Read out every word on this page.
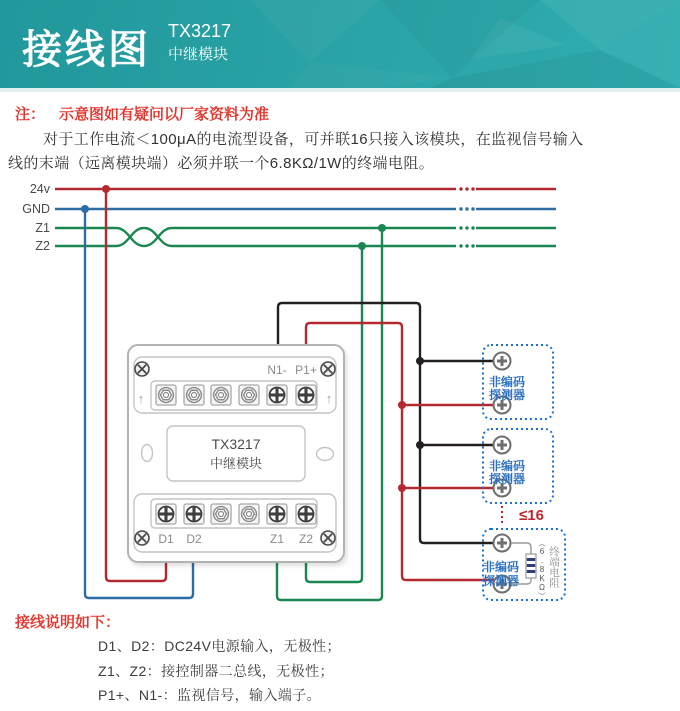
接线图 TX3217
中继模块
注： 示意图如有疑问以厂家资料为准
对于工作电流＜100μA的电流型设备，可并联16只接入该模块，在监视信号输入
线的末端（远离模块端）必须并联一个6.8KΩ/1W的终端电阻。
24v
GND
Z1
Z2
N1- P1+
↑	↑
TX3217
中继模块
D1 D2	Z1 Z2
非编码
探测器
非编码
探测器
≤16
非编码
探测器 （6.8KΩ） 终端电阻
接线说明如下：
D1、D2：DC24V电源输入，无极性；
Z1、Z2：接控制器二总线，无极性；
P1+、N1-：监视信号，输入端子。
